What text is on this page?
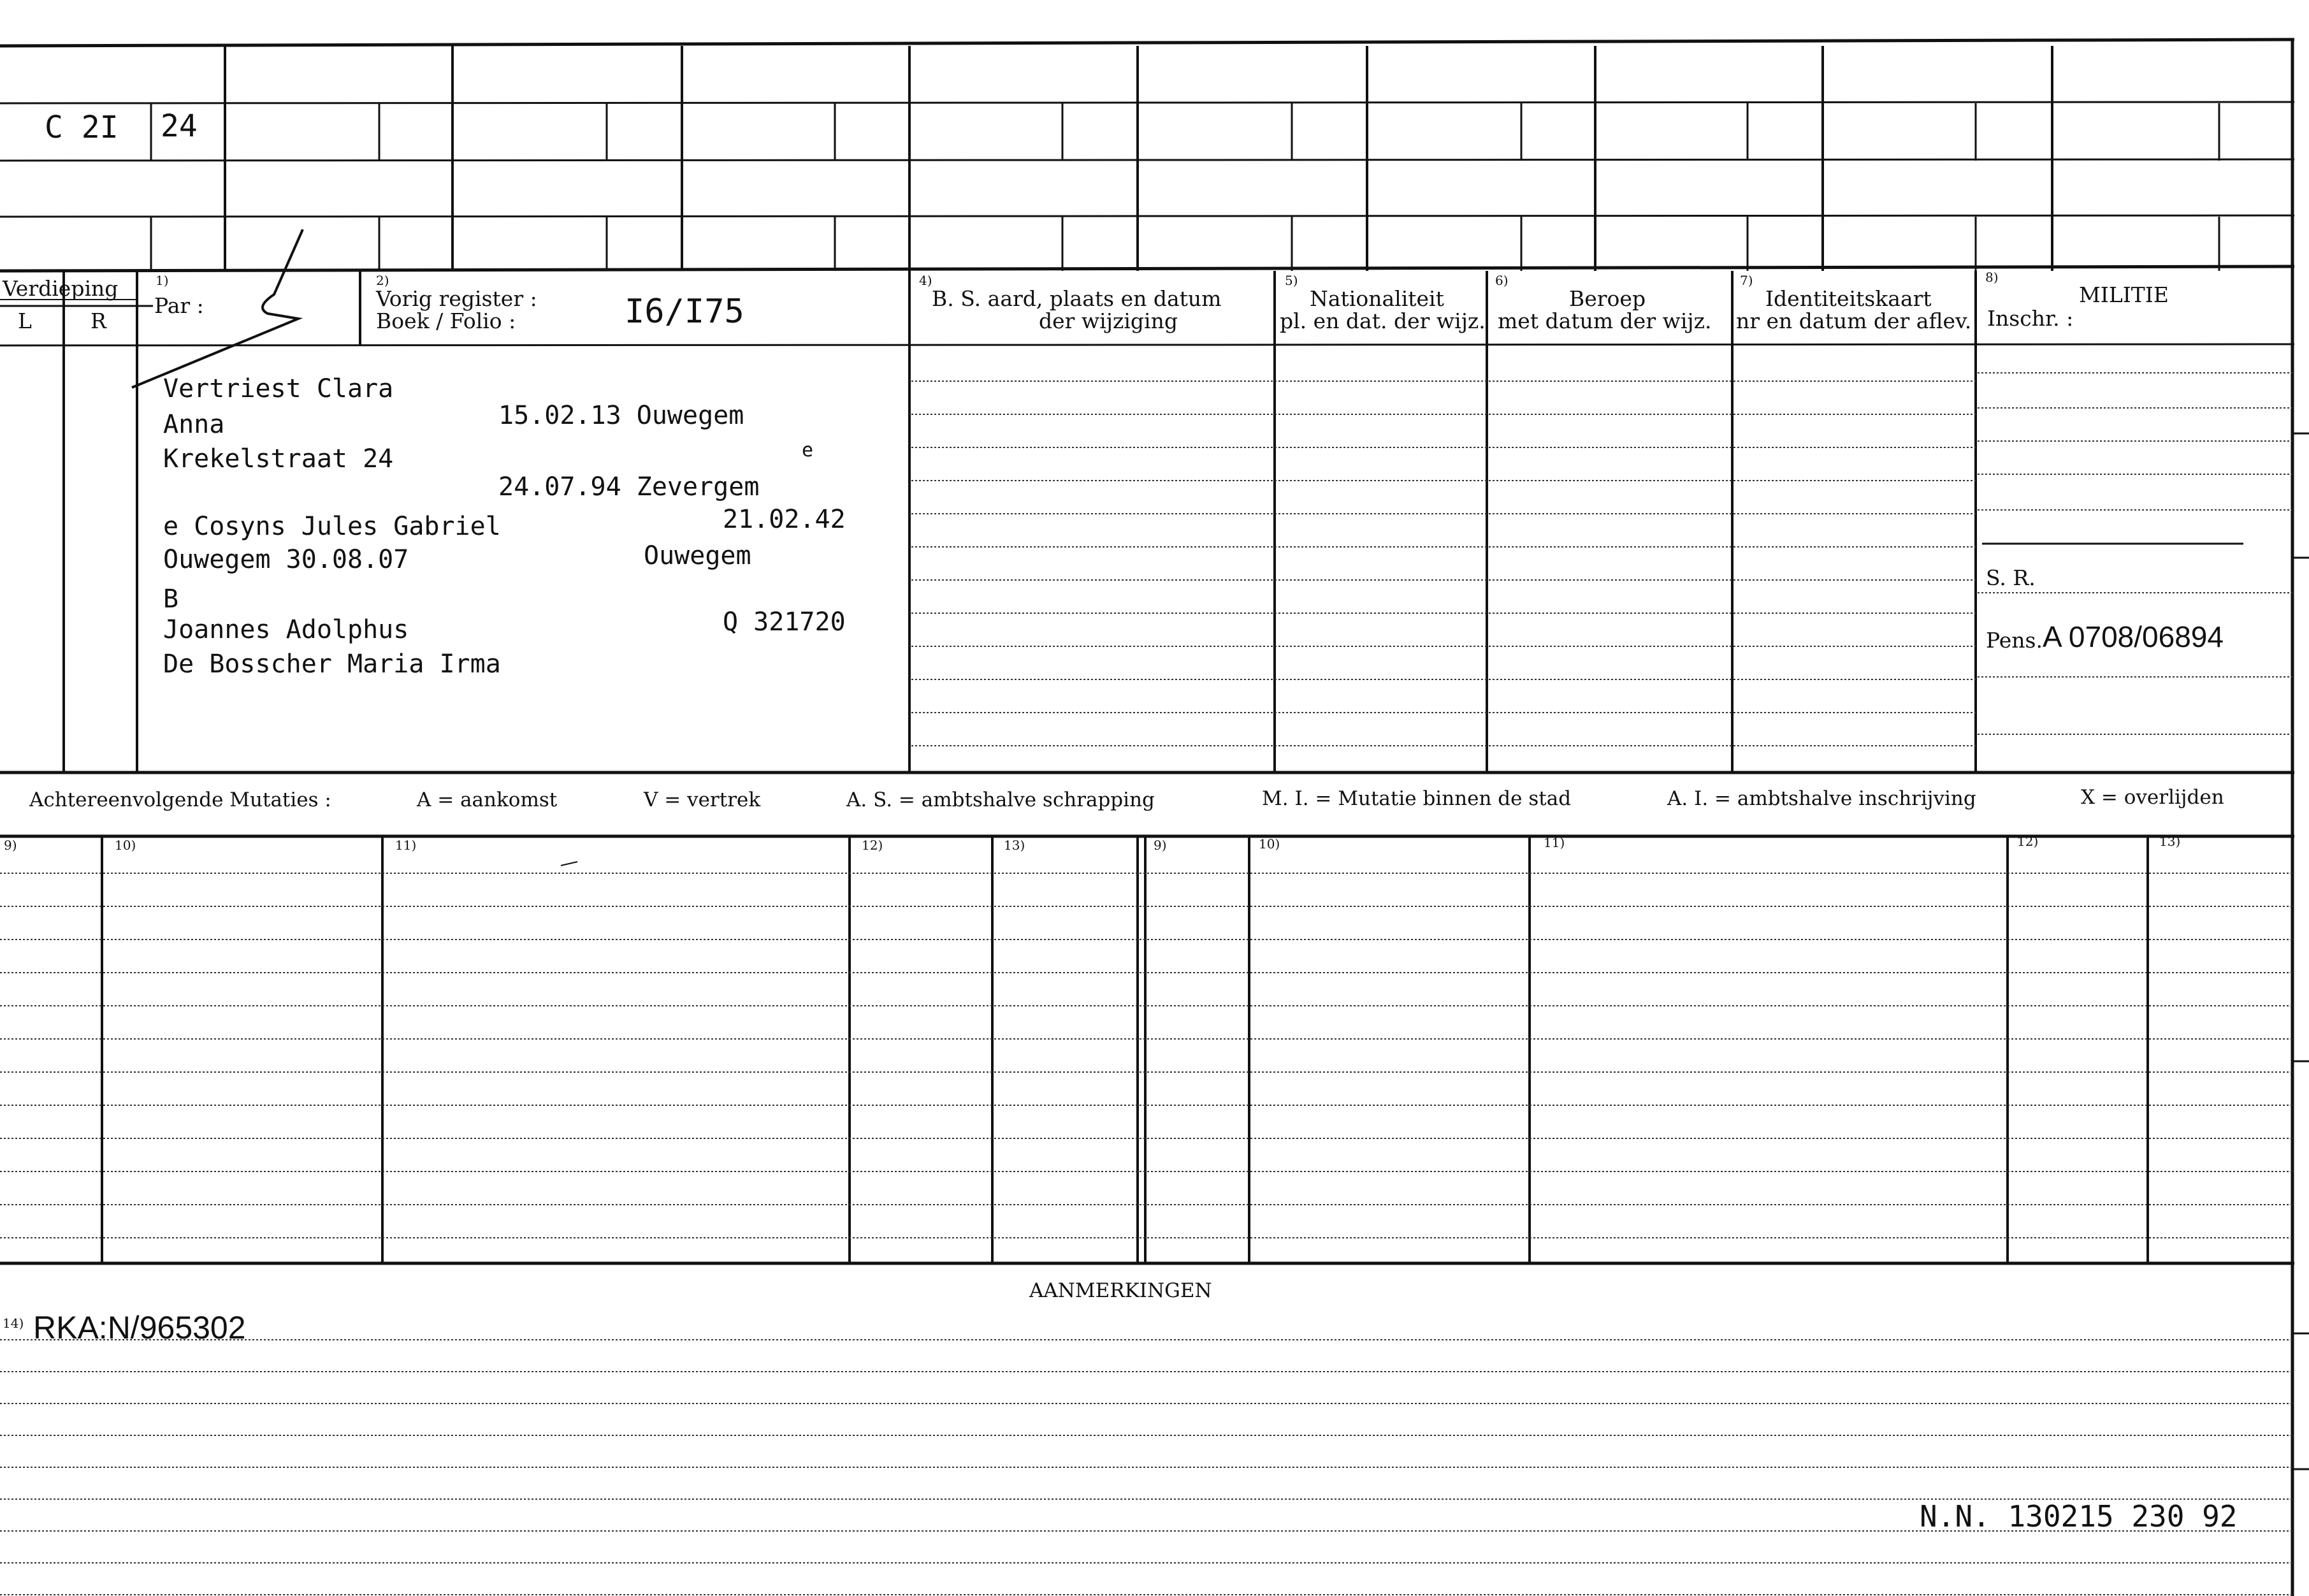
C 2I 24
Verdieping
L	R
1)
Par :
2)
Vorig register :
Boek / Folio :	I6/I75
4)
B. S. aard, plaats en datum
der wijziging
5)
Nationaliteit
pl. en dat. der wijz.
6)
Beroep
met datum der wijz.
7)
Identiteitskaart
nr en datum der aflev.
8)
MILITIE
Inschr. :
S. R.
Pens. A 0708/06894
Vertriest Clara
Anna	15.02.13 Ouwegem
Krekelstraat 24	e
24.07.94 Zevergem
e Cosyns Jules Gabriel	21.02.42
Ouwegem 30.08.07	Ouwegem
B
Joannes Adolphus	Q 321720
De Bosscher Maria Irma
Achtereenvolgende Mutaties :	A = aankomst	V = vertrek	A. S. = ambtshalve schrapping	M. I. = Mutatie binnen de stad	A. I. = ambtshalve inschrijving	X = overlijden
9)	10)	11)	12)	13)	9)	10)	11)	12)	13)
AANMERKINGEN
14) RKA:N/965302
N.N. 130215 230 92
